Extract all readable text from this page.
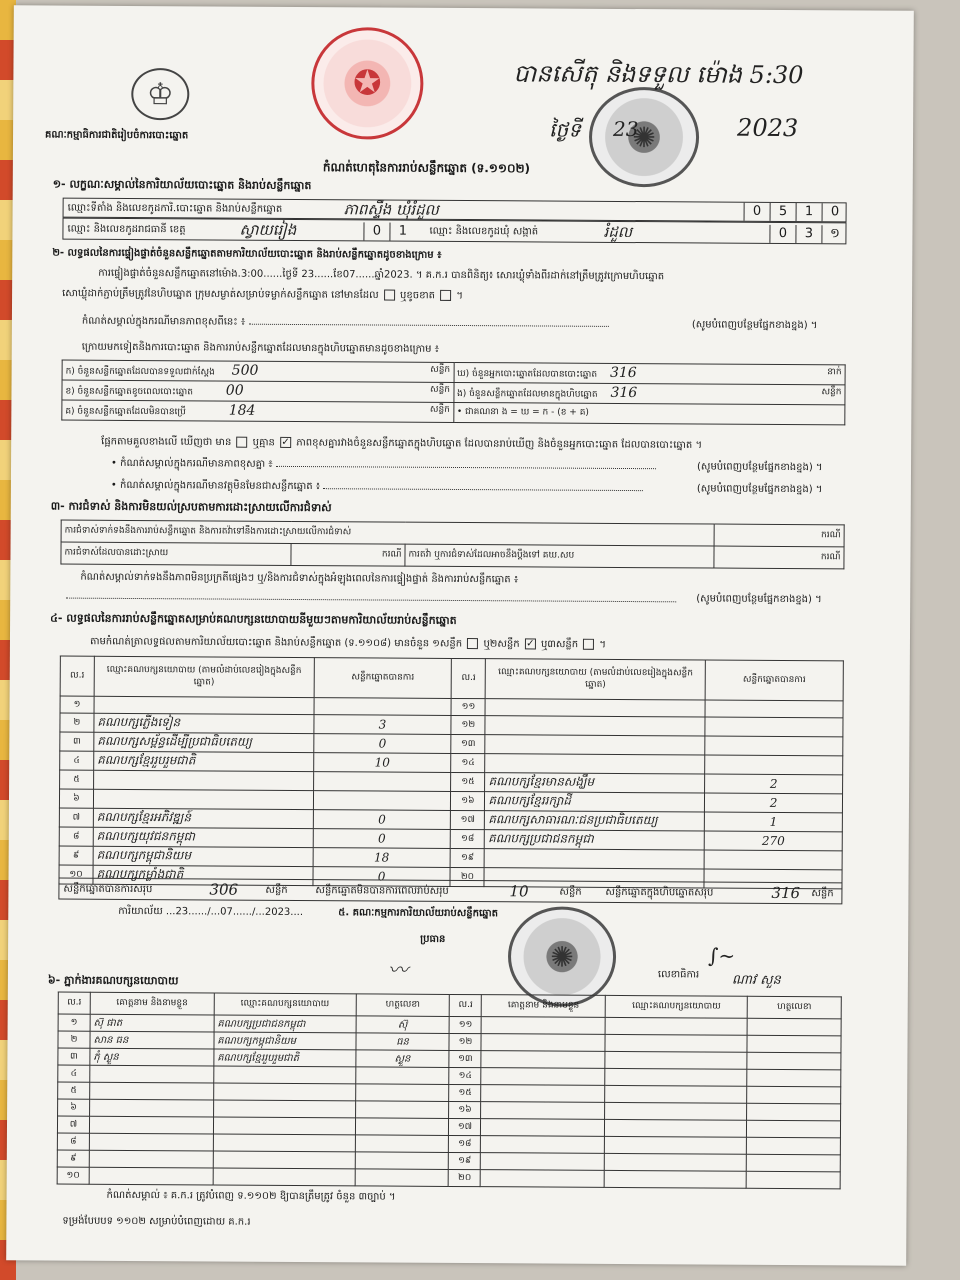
♔
គណៈកម្មាធិការជាតិរៀបចំការបោះឆ្នោត
✪
✺
បានសើតុ និងទទួល ម៉ោង 5:30
ថ្ងៃទី 23	2023
កំណត់ហេតុនៃការរាប់សន្លឹកឆ្នោត (ទ.១១០២)
១- លក្ខណៈសម្គាល់នៃការិយាល័យបោះឆ្នោត និងរាប់សន្លឹកឆ្នោត
ឈ្មោះទីតាំង និងលេខកូដការិ.បោះឆ្នោត និងរាប់សន្លឹកឆ្នោត	ភាពស្ទឹង ឃុំរំដួល	0	5	1	0
ឈ្មោះ និងលេខកូដរាជធានី ខេត្ត	ស្វាយរៀង	0	1	ឈ្មោះ និងលេខកូដឃុំ សង្កាត់	រំដួល	0	3	១
២- លទ្ធផលនៃការផ្ទៀងផ្ទាត់ចំនួនសន្លឹកឆ្នោតតាមការិយាល័យបោះឆ្នោត និងរាប់សន្លឹកឆ្នោតដូចខាងក្រោម ៖
ការផ្ទៀងផ្ទាត់ចំនួនសន្លឹកឆ្នោតនៅម៉ោង.3:00......ថ្ងៃទី 23......ខែ07......ឆ្នាំ2023. ។ គ.ក.រ បានពិនិត្យ៖ សោរឃ្លុំទាំងពីរដាក់នៅត្រឹមត្រូវក្រោមហិបឆ្នោត
សោឃ្លុំដាក់ភ្ជាប់ត្រឹមត្រូវនៃហិបឆ្នោត ក្រុមសម្ងាត់សម្រាប់ទម្លាក់សន្លឹកឆ្នោត នៅមានដែល ឬខូចខាត  ។
កំណត់សម្គាល់ក្នុងករណីមានភាពខុសពីនេះ ៖	(សូមបំពេញបន្ថែមផ្នែកខាងខ្នង) ។
ក្រោយមកទៀតនិងការបោះឆ្នោត និងការរាប់សន្លឹកឆ្នោតដែលមានក្នុងហិបឆ្នោតមានដូចខាងក្រោម ៖
ក) ចំនួនសន្លឹកឆ្នោតដែលបានទទួលជាក់ស្តែង 500 សន្លឹក	ឃ) ចំនួនអ្នកបោះឆ្នោតដែលបានបោះឆ្នោត 316 នាក់

ខ) ចំនួនសន្លឹកឆ្នោតខូចពេលបោះឆ្នោត 00 សន្លឹក	ង) ចំនួនសន្លឹកឆ្នោតដែលមានក្នុងហិបឆ្នោត 316 សន្លឹក

គ) ចំនួនសន្លឹកឆ្នោតដែលមិនបានប្រើ 184 សន្លឹក	• ជាគណនា ង = ឃ = ក - (ខ + គ)
ផ្អែកតាមគួលខាងលើ ឃើញថា មាន ឬគ្មាន ✓ ភាពខុសគ្នារវាងចំនួនសន្លឹកឆ្នោតក្នុងហិបឆ្នោត ដែលបានរាប់ឃើញ និងចំនួនអ្នកបោះឆ្នោត ដែលបានបោះឆ្នោត ។
• កំណត់សម្គាល់ក្នុងករណីមានភាពខុសគ្នា ៖	(សូមបំពេញបន្ថែមផ្នែកខាងខ្នង) ។
• កំណត់សម្គាល់ក្នុងករណីមានវត្ថុមិនមែនជាសន្លឹកឆ្នោត ៖	(សូមបំពេញបន្ថែមផ្នែកខាងខ្នង) ។
៣- ការជំទាស់ និងការមិនយល់ស្របតាមការដោះស្រាយលើការជំទាស់
ការជំទាស់ទាក់ទងនឹងការរាប់សន្លឹកឆ្នោត និងការតវ៉ាទៅនឹងការដោះស្រាយលើការជំទាស់			ករណី
ការជំទាស់ដែលបានដោះស្រាយ	ករណី	ការតវ៉ា ឬការជំទាស់ដែលអាចនឹងប្ដឹងទៅ គឃ.សប	ករណី
កំណត់សម្គាល់ទាក់ទងនឹងភាពមិនប្រក្រតីផ្សេងៗ ឬ/និងការជំទាស់ក្នុងអំឡុងពេលនៃការផ្ទៀងផ្ទាត់ និងការរាប់សន្លឹកឆ្នោត ៖
(សូមបំពេញបន្ថែមផ្នែកខាងខ្នង) ។
៤- លទ្ធផលនៃការរាប់សន្លឹកឆ្នោតសម្រាប់គណបក្សនយោបាយនីមួយៗតាមការិយាល័យរាប់សន្លឹកឆ្នោត
តាមកំណត់ត្រាលទ្ធផលតាមការិយាល័យបោះឆ្នោត និងរាប់សន្លឹកឆ្នោត (ទ.១១០៨) មានចំនួន ១សន្លឹក ឬ២សន្លឹក ✓ ឬ៣សន្លឹក  ។
ល.រ	ឈ្មោះគណបក្សនយោបាយ (តាមលំដាប់លេខរៀងក្នុងសន្លឹកឆ្នោត)	សន្លឹកឆ្នោតបានការ	ល.រ	ឈ្មោះគណបក្សនយោបាយ (តាមលំដាប់លេខរៀងក្នុងសន្លឹកឆ្នោត)	សន្លឹកឆ្នោតបានការ
១			១១		
២	គណបក្សភ្លើងទៀន	3	១២		
៣	គណបក្សសម្ព័ន្ធដើម្បីប្រជាធិបតេយ្យ	0	១៣		
៤	គណបក្សខ្មែររួបរួមជាតិ	10	១៤		
៥			១៥	គណបក្សខ្មែរមានសង្ឃឹម	2
៦			១៦	គណបក្សខ្មែររក្សាដី	2
៧	គណបក្សខ្មែរអភិវឌ្ឍន៍	0	១៧	គណបក្សសាធារណៈជនប្រជាធិបតេយ្យ	1
៨	គណបក្សយុវជនកម្ពុជា	0	១៨	គណបក្សប្រជាជនកម្ពុជា	270
៩	គណបក្សកម្ពុជានិយម	18	១៩		
១០	គណបក្សកម្លាំងជាតិ	0	២០		
សន្លឹកឆ្នោតបានការសរុប	306	សន្លឹក	សន្លឹកឆ្នោតមិនបានការពេលរាប់សរុប	10	សន្លឹក សន្លឹកឆ្នោតក្នុងហិបឆ្នោតសរុប	316 សន្លឹក
ការិយាល័យ ...23....../...07....../...2023....	៥. គណៈកម្មការការិយាល័យរាប់សន្លឹកឆ្នោត
✺
ប្រធាន
〰	លេខាធិការ
∫∼
ណាវ សួន
៦- ភ្នាក់ងារគណបក្សនយោបាយ
ល.រ	គោត្តនាម និងនាមខ្លួន	ឈ្មោះគណបក្សនយោបាយ	ហត្ថលេខា	ល.រ	គោត្តនាម និងនាមខ្លួន	ឈ្មោះគណបក្សនយោបាយ	ហត្ថលេខា
១	ស៊ុ ផាត	គណបក្សប្រជាជនកម្ពុជា	ស៊ុ	១១			
២	សាន ធន	គណបក្សកម្ពុជានិយម	ធន	១២			
៣	ភុំ ស្ងួន	គណបក្សខ្មែររួបរួមជាតិ	ស្ងួន	១៣			
៤				១៤			
៥				១៥			
៦				១៦			
៧				១៧			
៨				១៨			
៩				១៩			
១០				២០			
កំណត់សម្គាល់ ៖ គ.ក.រ ត្រូវបំពេញ ទ.១១០២ ឱ្យបានត្រឹមត្រូវ ចំនួន ៣ច្បាប់ ។
ទម្រង់បែបបទ ១១០២ សម្រាប់បំពេញដោយ គ.ក.រ
